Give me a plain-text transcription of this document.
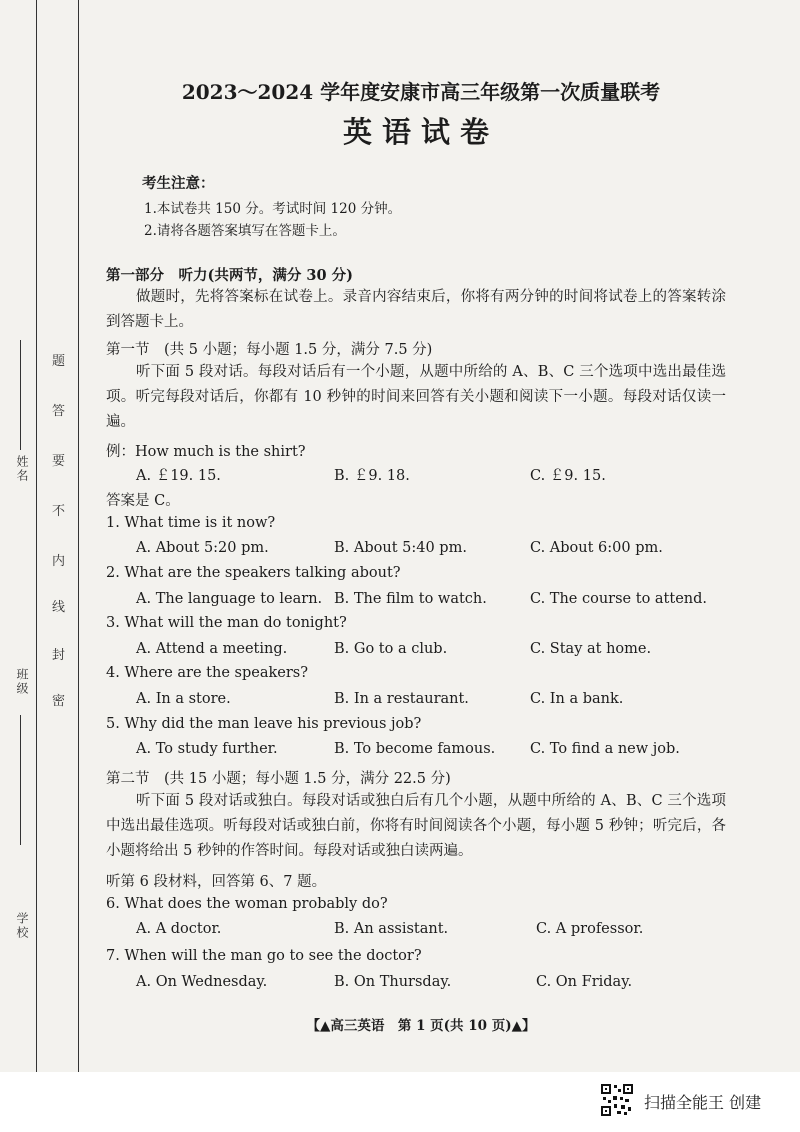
姓名
班级
学校
题
答
要
不
内
线
封
密
2023～2024 学年度安康市高三年级第一次质量联考
英语试卷
考生注意：
1.本试卷共 150 分。考试时间 120 分钟。
2.请将各题答案填写在答题卡上。
第一部分　听力(共两节，满分 30 分)
做题时，先将答案标在试卷上。录音内容结束后，你将有两分钟的时间将试卷上的答案转涂到答题卡上。
第一节　(共 5 小题；每小题 1.5 分，满分 7.5 分)
听下面 5 段对话。每段对话后有一个小题，从题中所给的 A、B、C 三个选项中选出最佳选项。听完每段对话后，你都有 10 秒钟的时间来回答有关小题和阅读下一小题。每段对话仅读一遍。
例：How much is the shirt?
A. ￡19. 15.	B. ￡9. 18.	C. ￡9. 15.
答案是 C。
1. What time is it now?
A. About 5:20 pm.	B. About 5:40 pm.	C. About 6:00 pm.
2. What are the speakers talking about?
A. The language to learn. B. The film to watch.	C. The course to attend.
3. What will the man do tonight?
A. Attend a meeting.	B. Go to a club.	C. Stay at home.
4. Where are the speakers?
A. In a store.	B. In a restaurant.	C. In a bank.
5. Why did the man leave his previous job?
A. To study further.	B. To become famous. C. To find a new job.
第二节　(共 15 小题；每小题 1.5 分，满分 22.5 分)
听下面 5 段对话或独白。每段对话或独白后有几个小题，从题中所给的 A、B、C 三个选项中选出最佳选项。听每段对话或独白前，你将有时间阅读各个小题，每小题 5 秒钟；听完后，各小题将给出 5 秒钟的作答时间。每段对话或独白读两遍。
听第 6 段材料，回答第 6、7 题。
6. What does the woman probably do?
A. A doctor.	B. An assistant.	C. A professor.
7. When will the man go to see the doctor?
A. On Wednesday.	B. On Thursday.	C. On Friday.
【▲高三英语　第 1 页(共 10 页)▲】
扫描全能王 创建
